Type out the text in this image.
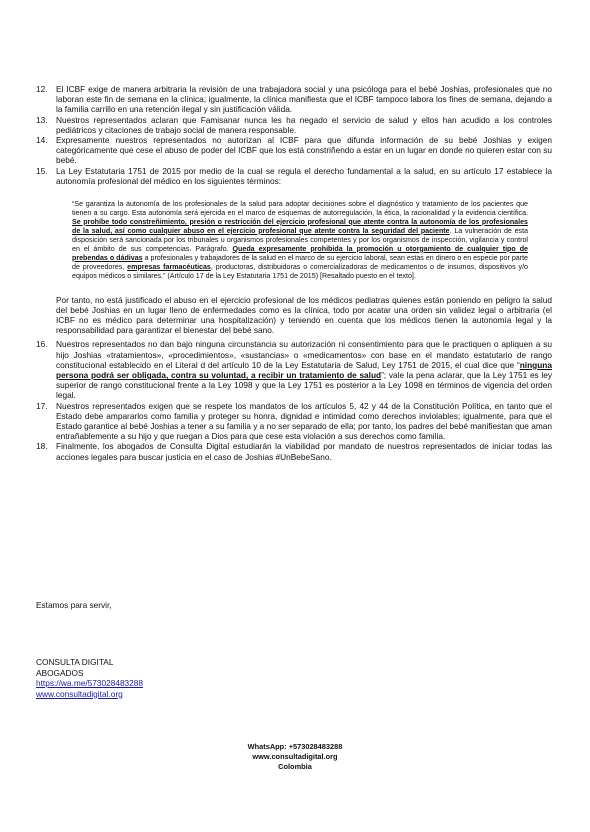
12. El ICBF exige de manera arbitraria la revisión de una trabajadora social y una psicóloga para el bebé Joshias, profesionales que no laboran este fin de semana en la clínica; igualmente, la clínica manifiesta que el ICBF tampoco labora los fines de semana, dejando a la familia carrillo en una retención ilegal y sin justificación válida.
13. Nuestros representados aclaran que Famisanar nunca les ha negado el servicio de salud y ellos han acudido a los controles pediátricos y citaciones de trabajo social de manera responsable.
14. Expresamente nuestros representados no autorizan al ICBF para que difunda información de su bebé Joshias y exigen categóricamente que cese el abuso de poder del ICBF que los está constriñendo a estar en un lugar en donde no quieren estar con su bebé.
15. La Ley Estatutaria 1751 de 2015 por medio de la cual se regula el derecho fundamental a la salud, en su artículo 17 establece la autonomía profesional del médico en los siguientes términos:
“Se garantiza la autonomía de los profesionales de la salud para adoptar decisiones sobre el diagnóstico y tratamiento de los pacientes que tienen a su cargo. Esta autonomía será ejercida en el marco de esquemas de autorregulación, la ética, la racionalidad y la evidencia científica. Se prohíbe todo constreñimiento, presión o restricción del ejercicio profesional que atente contra la autonomía de los profesionales de la salud, así como cualquier abuso en el ejercicio profesional que atente contra la seguridad del paciente. La vulneración de esta disposición será sancionada por los tribunales u organismos profesionales competentes y por los organismos de inspección, vigilancia y control en el ámbito de sus competencias. Parágrafo. Queda expresamente prohibida la promoción u otorgamiento de cualquier tipo de prebendas o dádivas a profesionales y trabajadores de la salud en el marco de su ejercicio laboral, sean estas en dinero o en especie por parte de proveedores, empresas farmacéuticas, productoras, distribuidoras o comercializadoras de medicamentos o de insumos, dispositivos y/o equipos médicos o similares.” (Artículo 17 de la Ley Estatutaria 1751 de 2015) [Resaltado puesto en el texto].
Por tanto, no está justificado el abuso en el ejercicio profesional de los médicos pediatras quienes están poniendo en peligro la salud del bebé Joshias en un lugar lleno de enfermedades como es la clínica, todo por acatar una orden sin validez legal o arbitraria (el ICBF no es médico para determinar una hospitalización) y teniendo en cuenta que los médicos tienen la autonomía legal y la responsabilidad para garantizar el bienestar del bebé sano.
16. Nuestros representados no dan bajo ninguna circunstancia su autorización ni consentimiento para que le practiquen o apliquen a su hijo Joshias «tratamientos», «procedimientos», «sustancias» o «medicamentos» con base en el mandato estatutario de rango constitucional establecido en el Literal d del artículo 10 de la Ley Estatutaria de Salud, Ley 1751 de 2015, el cual dice que “ninguna persona podrá ser obligada, contra su voluntad, a recibir un tratamiento de salud”; vale la pena aclarar, que la Ley 1751 es ley superior de rango constitucional frente a la Ley 1098 y que la Ley 1751 es posterior a la Ley 1098 en términos de vigencia del orden legal.
17. Nuestros representados exigen que se respete los mandatos de los artículos 5, 42 y 44 de la Constitución Política, en tanto que el Estado debe ampararlos como familia y proteger su honra, dignidad e intimidad como derechos inviolables; igualmente, para que el Estado garantice al bebé Joshias a tener a su familia y a no ser separado de ella; por tanto, los padres del bebé manifiestan que aman entrañablemente a su hijo y que ruegan a Dios para que cese esta violación a sus derechos como familia.
18. Finalmente, los abogados de Consulta Digital estudiarán la viabilidad por mandato de nuestros representados de iniciar todas las acciones legales para buscar justicia en el caso de Joshias #UnBebeSano.
Estamos para servir,
CONSULTA DIGITAL
ABOGADOS
https://wa.me/573028483288
www.consultadigital.org
WhatsApp: +573028483288
www.consultadigital.org
Colombia
